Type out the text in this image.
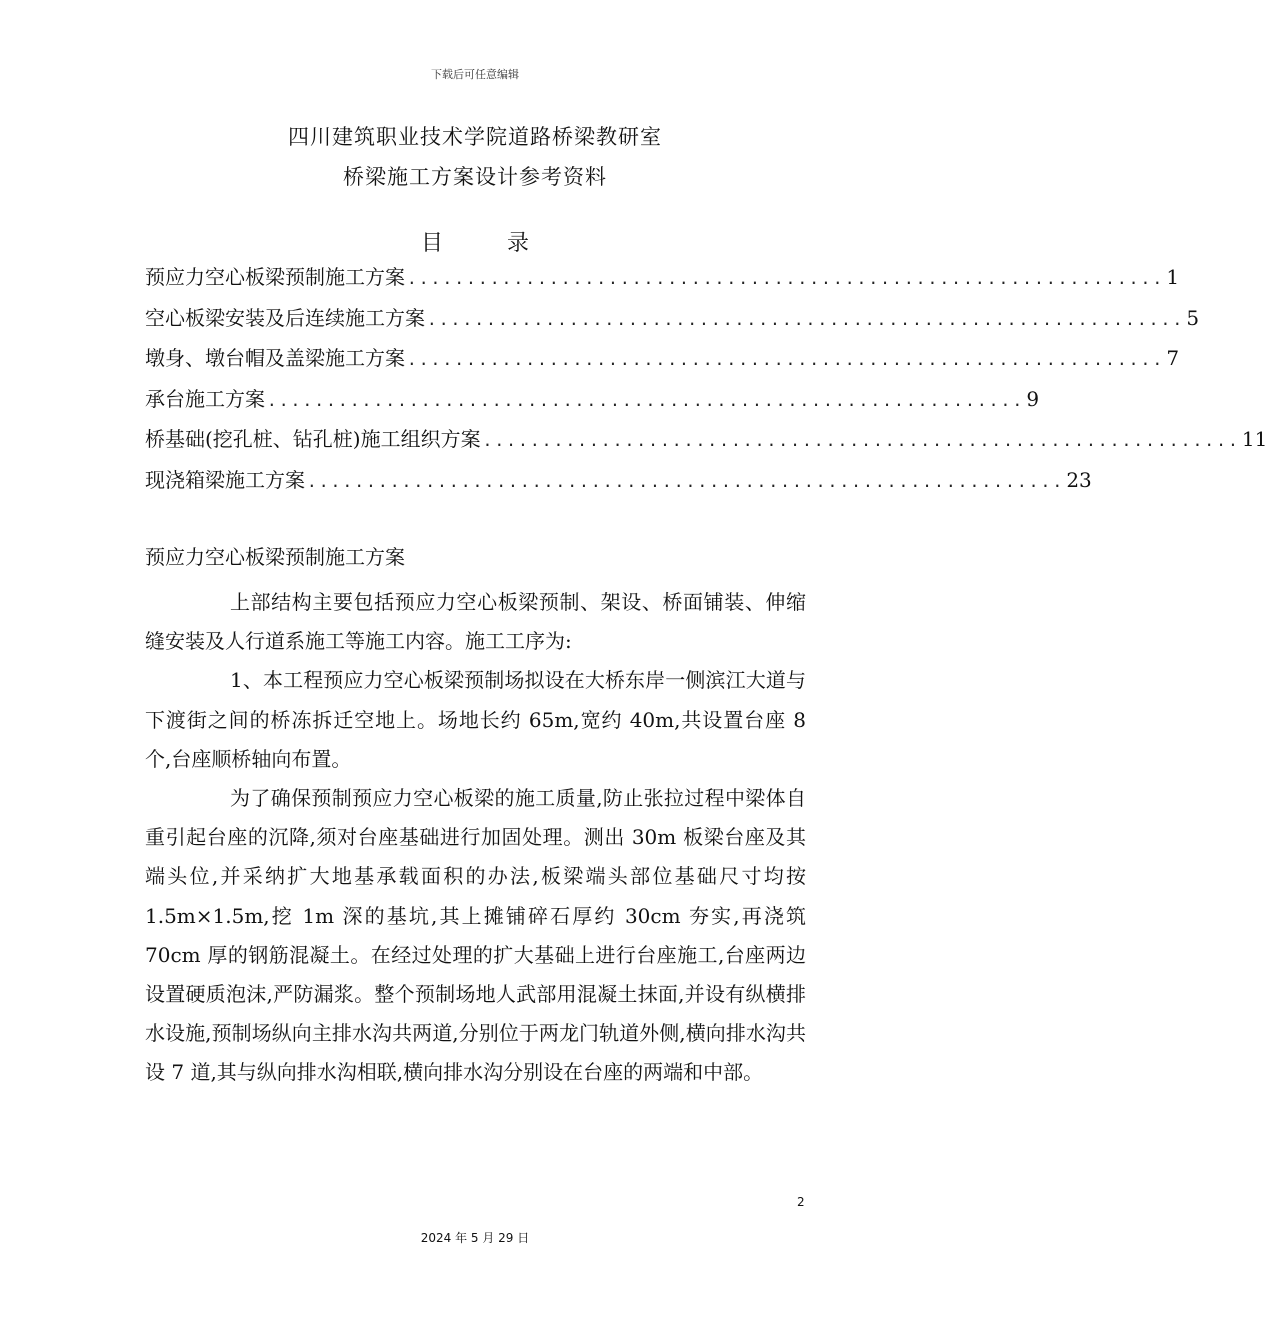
下载后可任意编辑
四川建筑职业技术学院道路桥梁教研室
桥梁施工方案设计参考资料
目	录
预应力空心板梁预制施工方案 ................................................................ 1
空心板梁安装及后连续施工方案 ................................................................ 5
墩身、墩台帽及盖梁施工方案 ................................................................ 7
承台施工方案 ................................................................ 9
桥基础(挖孔桩、钻孔桩)施工组织方案 ................................................................ 11
现浇箱梁施工方案 ................................................................ 23
预应力空心板梁预制施工方案

上部结构主要包括预应力空心板梁预制、架设、桥面铺装、伸缩缝安装及人行道系施工等施工内容。施工工序为:

1、本工程预应力空心板梁预制场拟设在大桥东岸一侧滨江大道与下渡街之间的桥冻拆迁空地上。场地长约 65m,宽约 40m,共设置台座 8 个,台座顺桥轴向布置。

为了确保预制预应力空心板梁的施工质量,防止张拉过程中梁体自重引起台座的沉降,须对台座基础进行加固处理。测出 30m 板梁台座及其端头位,并采纳扩大地基承载面积的办法,板梁端头部位基础尺寸均按 1.5m×1.5m,挖 1m 深的基坑,其上摊铺碎石厚约 30cm 夯实,再浇筑 70cm 厚的钢筋混凝土。在经过处理的扩大基础上进行台座施工,台座两边设置硬质泡沫,严防漏浆。整个预制场地人武部用混凝土抹面,并设有纵横排水设施,预制场纵向主排水沟共两道,分别位于两龙门轨道外侧,横向排水沟共设 7 道,其与纵向排水沟相联,横向排水沟分别设在台座的两端和中部。

2
2024 年 5 月 29 日
